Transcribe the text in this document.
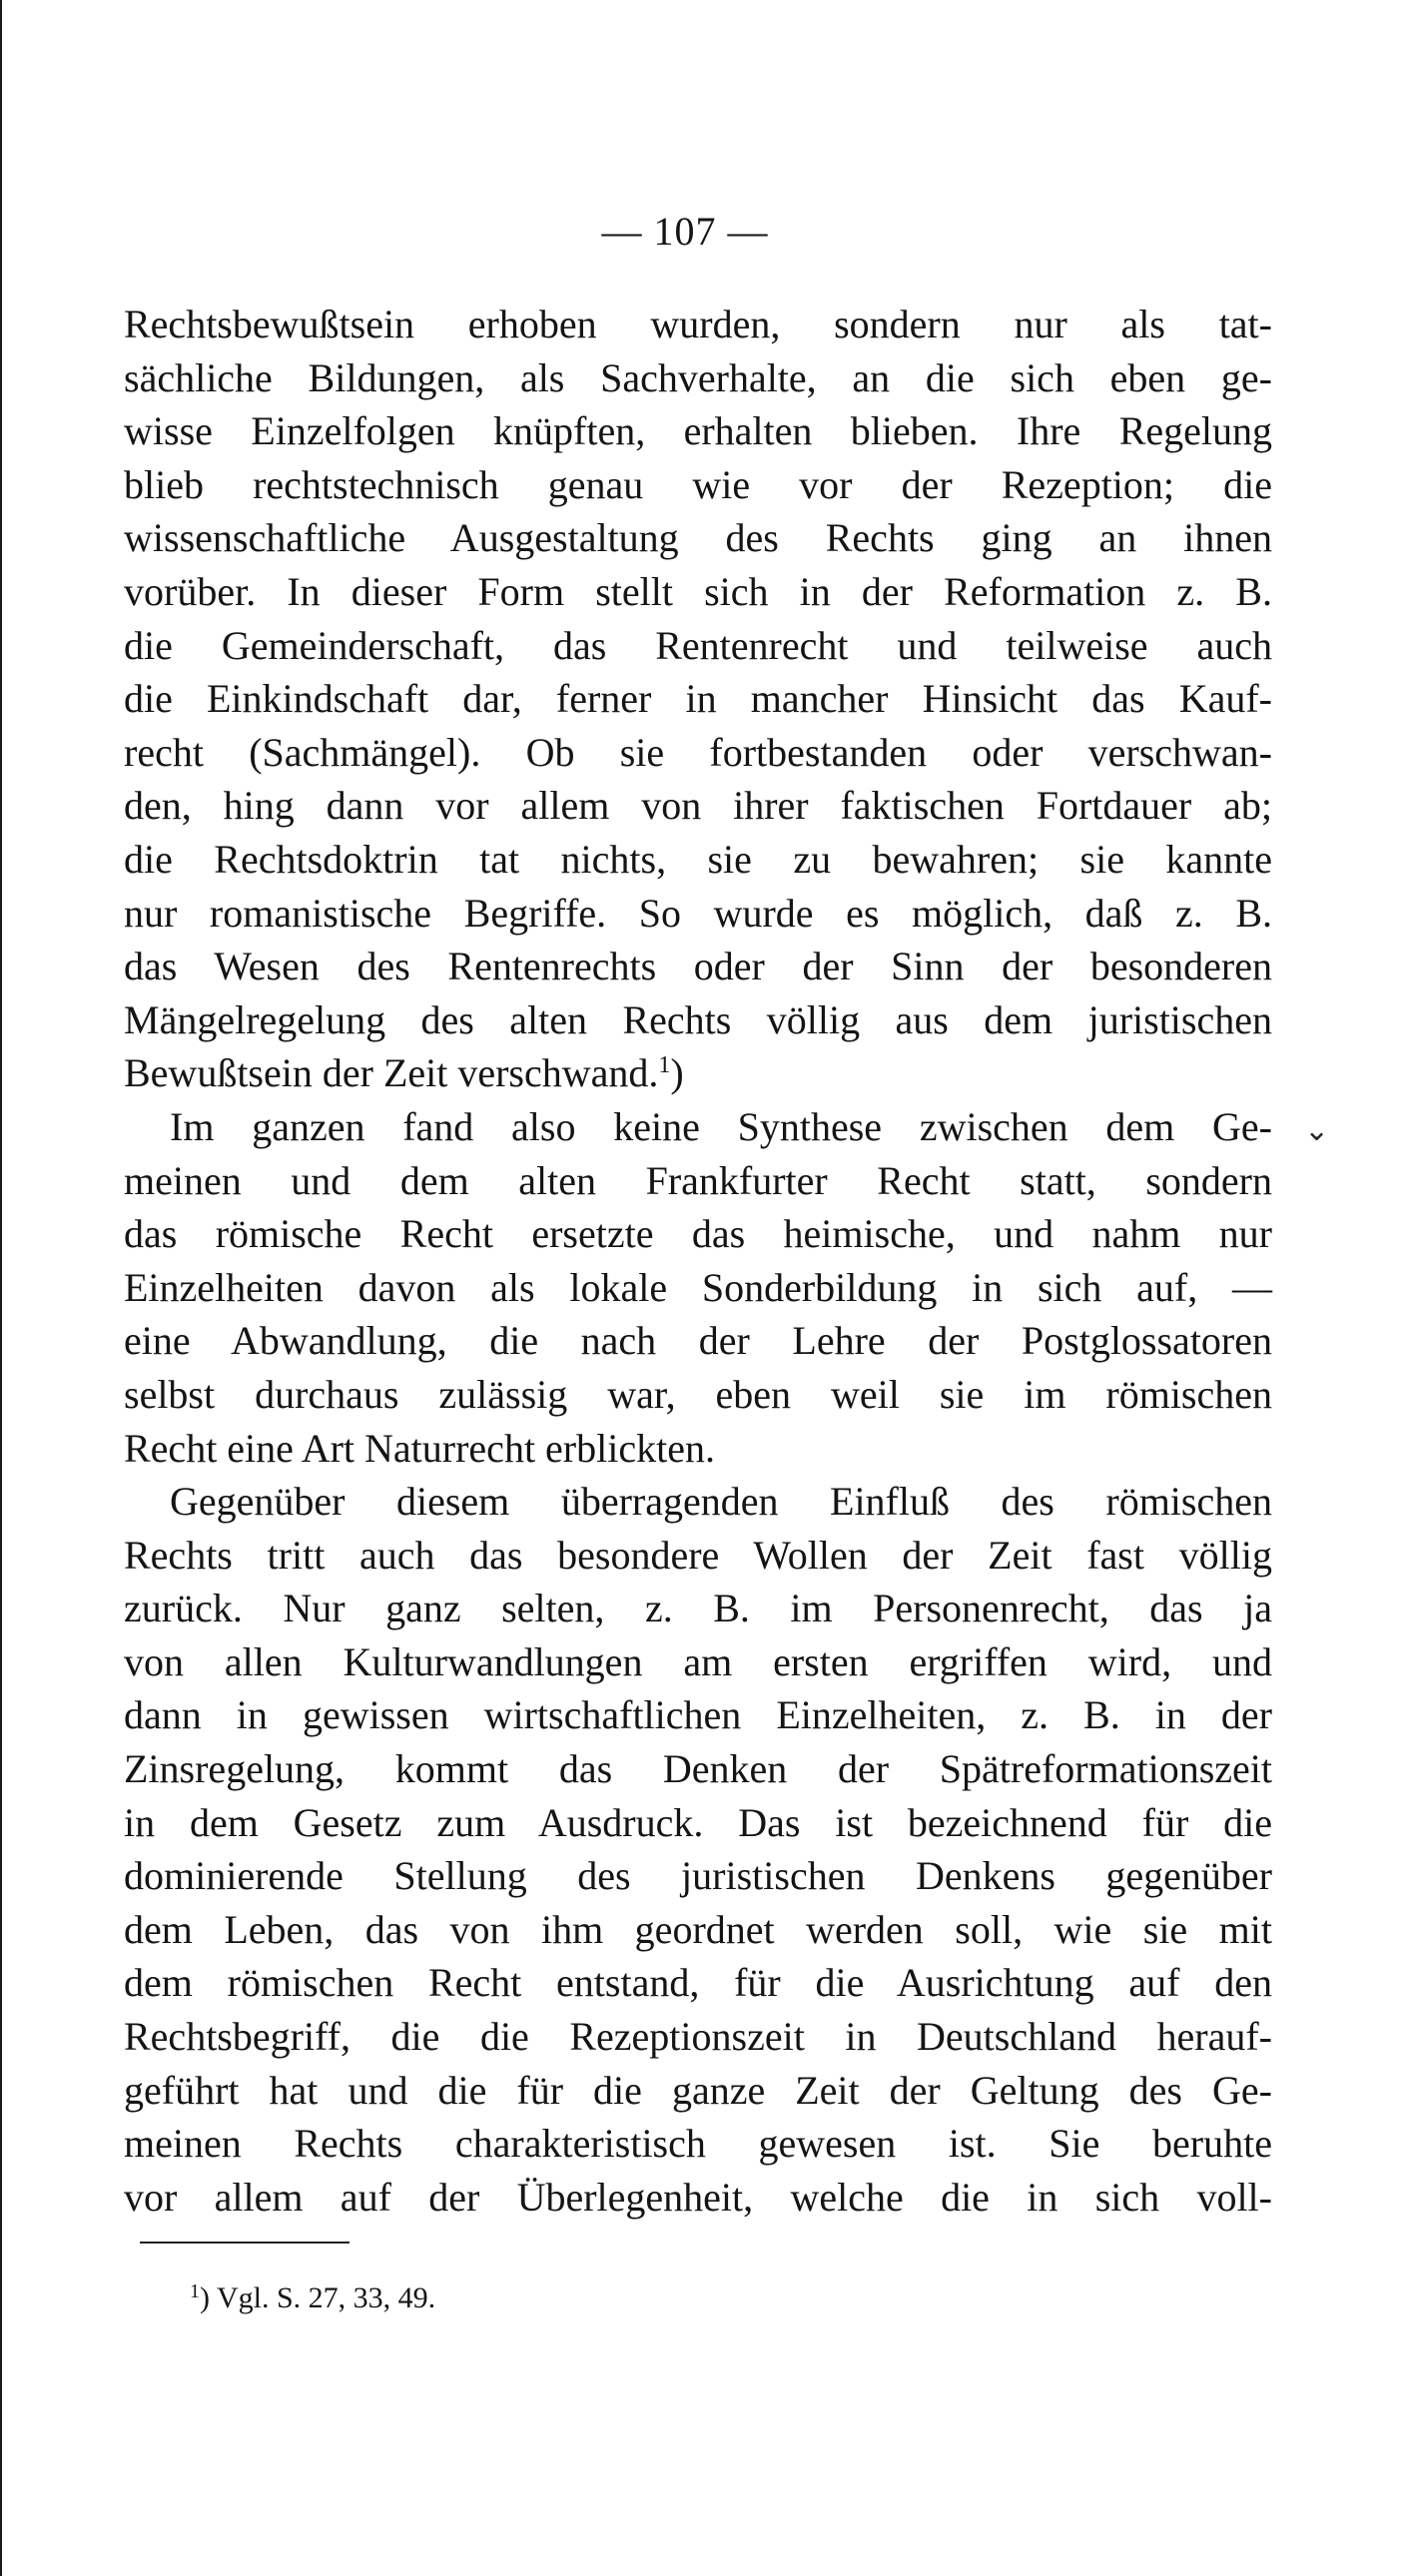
— 107 —
Rechtsbewußtsein erhoben wurden, sondern nur als tat-
sächliche Bildungen, als Sachverhalte, an die sich eben ge-
wisse Einzelfolgen knüpften, erhalten blieben. Ihre Regelung
blieb rechtstechnisch genau wie vor der Rezeption; die
wissenschaftliche Ausgestaltung des Rechts ging an ihnen
vorüber. In dieser Form stellt sich in der Reformation z. B.
die Gemeinderschaft, das Rentenrecht und teilweise auch
die Einkindschaft dar, ferner in mancher Hinsicht das Kauf-
recht (Sachmängel). Ob sie fortbestanden oder verschwan-
den, hing dann vor allem von ihrer faktischen Fortdauer ab;
die Rechtsdoktrin tat nichts, sie zu bewahren; sie kannte
nur romanistische Begriffe. So wurde es möglich, daß z. B.
das Wesen des Rentenrechts oder der Sinn der besonderen
Mängelregelung des alten Rechts völlig aus dem juristischen
Bewußtsein der Zeit verschwand.$^1$)
Im ganzen fand also keine Synthese zwischen dem Ge-
meinen und dem alten Frankfurter Recht statt, sondern
das römische Recht ersetzte das heimische, und nahm nur
Einzelheiten davon als lokale Sonderbildung in sich auf, —
eine Abwandlung, die nach der Lehre der Postglossatoren
selbst durchaus zulässig war, eben weil sie im römischen
Recht eine Art Naturrecht erblickten.
Gegenüber diesem überragenden Einfluß des römischen
Rechts tritt auch das besondere Wollen der Zeit fast völlig
zurück. Nur ganz selten, z. B. im Personenrecht, das ja
von allen Kulturwandlungen am ersten ergriffen wird, und
dann in gewissen wirtschaftlichen Einzelheiten, z. B. in der
Zinsregelung, kommt das Denken der Spätreformationszeit
in dem Gesetz zum Ausdruck. Das ist bezeichnend für die
dominierende Stellung des juristischen Denkens gegenüber
dem Leben, das von ihm geordnet werden soll, wie sie mit
dem römischen Recht entstand, für die Ausrichtung auf den
Rechtsbegriff, die die Rezeptionszeit in Deutschland herauf-
geführt hat und die für die ganze Zeit der Geltung des Ge-
meinen Rechts charakteristisch gewesen ist. Sie beruhte
vor allem auf der Überlegenheit, welche die in sich voll-
⌄
$^1$) Vgl. S. 27, 33, 49.
